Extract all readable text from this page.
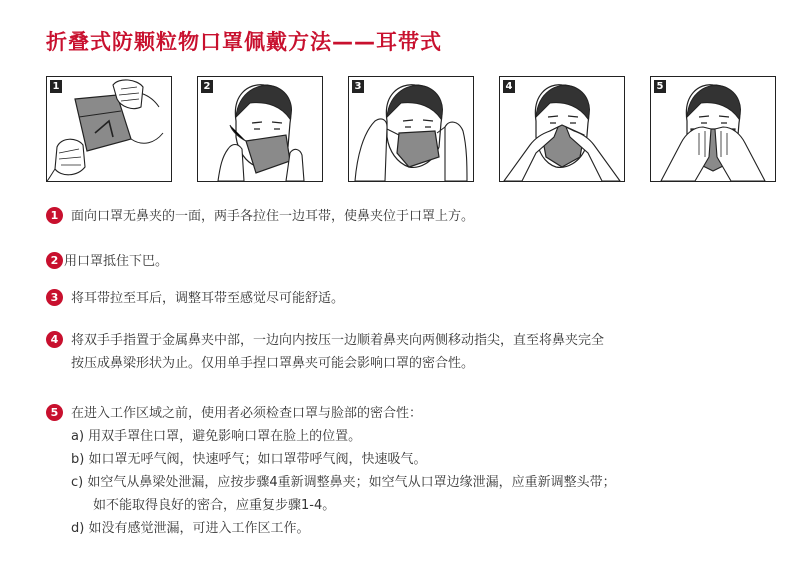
折叠式防颗粒物口罩佩戴方法——耳带式
1	2	3	4	5
1 面向口罩无鼻夹的一面，两手各拉住一边耳带，使鼻夹位于口罩上方。
2 用口罩抵住下巴。
3 将耳带拉至耳后，调整耳带至感觉尽可能舒适。
4 将双手手指置于金属鼻夹中部，一边向内按压一边顺着鼻夹向两侧移动指尖，直至将鼻夹完全
按压成鼻梁形状为止。仅用单手捏口罩鼻夹可能会影响口罩的密合性。
5 在进入工作区域之前，使用者必须检查口罩与脸部的密合性：
a) 用双手罩住口罩，避免影响口罩在脸上的位置。
b) 如口罩无呼气阀，快速呼气；如口罩带呼气阀，快速吸气。
c) 如空气从鼻梁处泄漏，应按步骤4重新调整鼻夹；如空气从口罩边缘泄漏，应重新调整头带；
如不能取得良好的密合，应重复步骤1-4。
d) 如没有感觉泄漏，可进入工作区工作。
